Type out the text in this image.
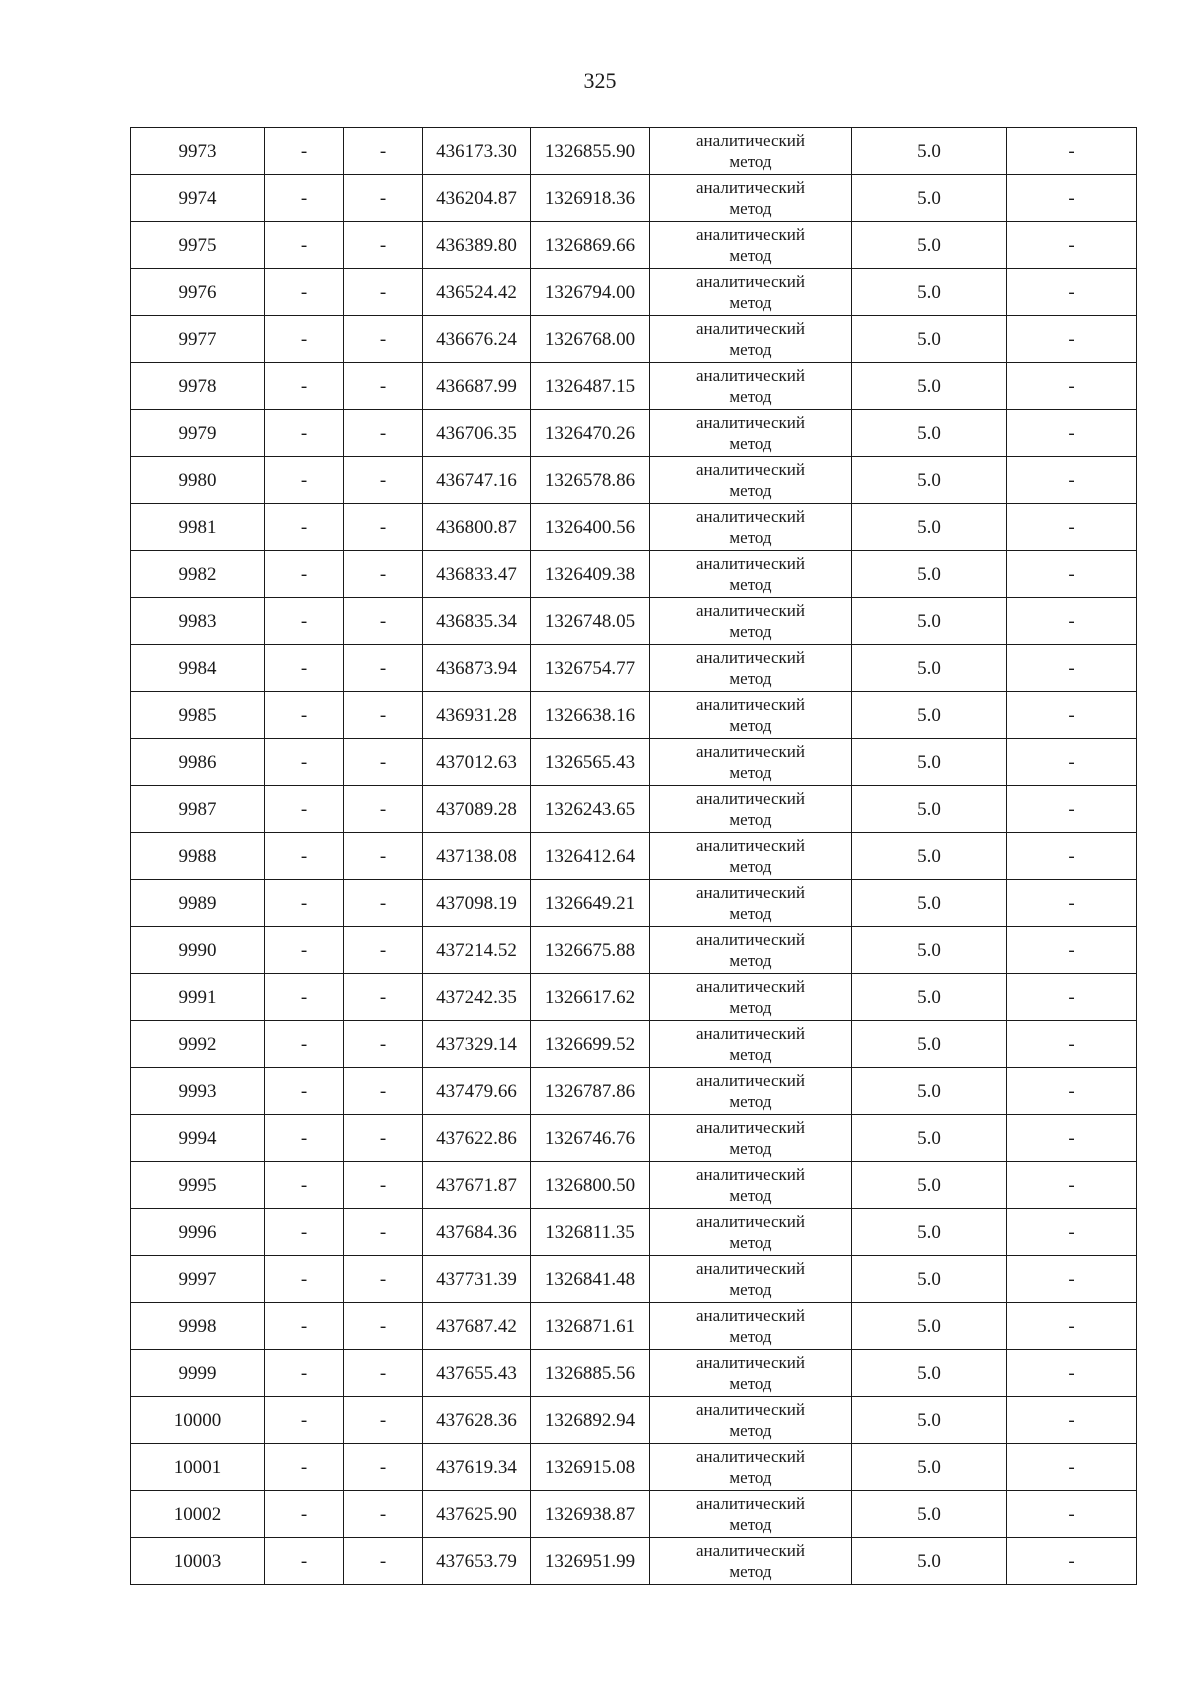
325
9973	-	-	436173.30	1326855.90	аналитический
метод	5.0	-
9974	-	-	436204.87	1326918.36	аналитический
метод	5.0	-
9975	-	-	436389.80	1326869.66	аналитический
метод	5.0	-
9976	-	-	436524.42	1326794.00	аналитический
метод	5.0	-
9977	-	-	436676.24	1326768.00	аналитический
метод	5.0	-
9978	-	-	436687.99	1326487.15	аналитический
метод	5.0	-
9979	-	-	436706.35	1326470.26	аналитический
метод	5.0	-
9980	-	-	436747.16	1326578.86	аналитический
метод	5.0	-
9981	-	-	436800.87	1326400.56	аналитический
метод	5.0	-
9982	-	-	436833.47	1326409.38	аналитический
метод	5.0	-
9983	-	-	436835.34	1326748.05	аналитический
метод	5.0	-
9984	-	-	436873.94	1326754.77	аналитический
метод	5.0	-
9985	-	-	436931.28	1326638.16	аналитический
метод	5.0	-
9986	-	-	437012.63	1326565.43	аналитический
метод	5.0	-
9987	-	-	437089.28	1326243.65	аналитический
метод	5.0	-
9988	-	-	437138.08	1326412.64	аналитический
метод	5.0	-
9989	-	-	437098.19	1326649.21	аналитический
метод	5.0	-
9990	-	-	437214.52	1326675.88	аналитический
метод	5.0	-
9991	-	-	437242.35	1326617.62	аналитический
метод	5.0	-
9992	-	-	437329.14	1326699.52	аналитический
метод	5.0	-
9993	-	-	437479.66	1326787.86	аналитический
метод	5.0	-
9994	-	-	437622.86	1326746.76	аналитический
метод	5.0	-
9995	-	-	437671.87	1326800.50	аналитический
метод	5.0	-
9996	-	-	437684.36	1326811.35	аналитический
метод	5.0	-
9997	-	-	437731.39	1326841.48	аналитический
метод	5.0	-
9998	-	-	437687.42	1326871.61	аналитический
метод	5.0	-
9999	-	-	437655.43	1326885.56	аналитический
метод	5.0	-
10000	-	-	437628.36	1326892.94	аналитический
метод	5.0	-
10001	-	-	437619.34	1326915.08	аналитический
метод	5.0	-
10002	-	-	437625.90	1326938.87	аналитический
метод	5.0	-
10003	-	-	437653.79	1326951.99	аналитический
метод	5.0	-
